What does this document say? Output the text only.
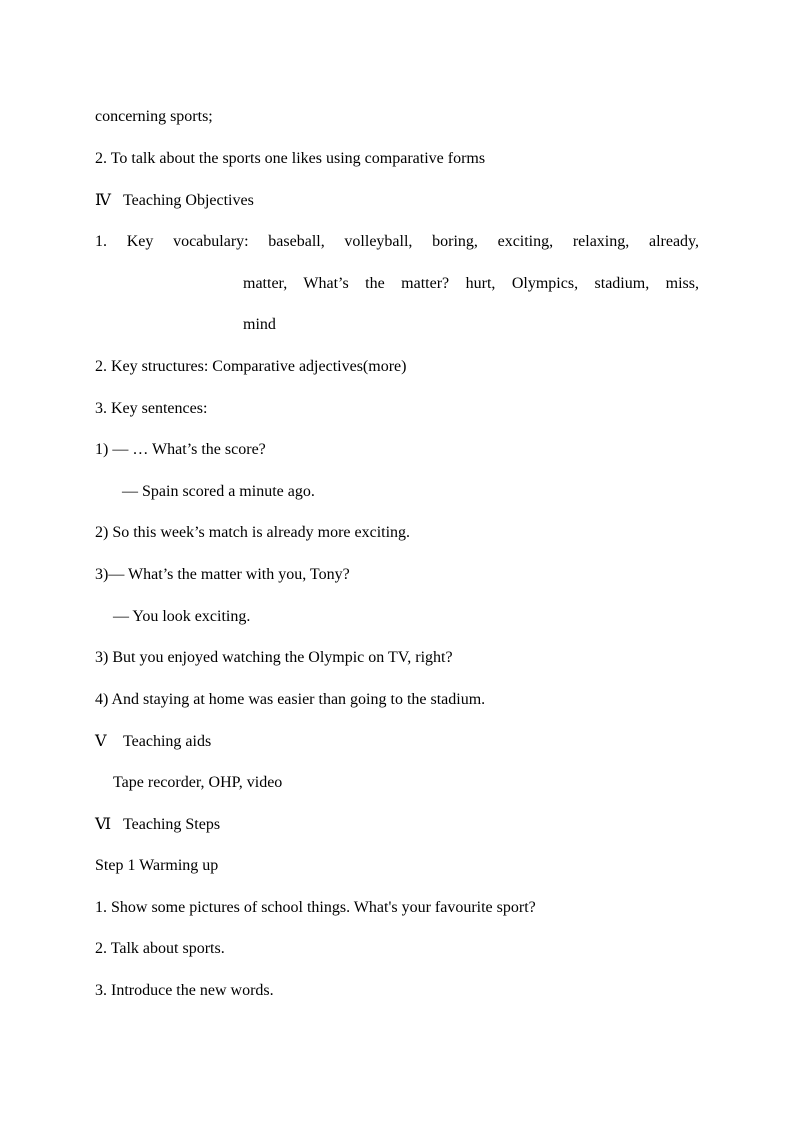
concerning sports;
2. To talk about the sports one likes using comparative forms
Ⅳ Teaching Objectives
1. Key vocabulary: baseball, volleyball, boring, exciting, relaxing, already,
matter, What’s the matter? hurt, Olympics, stadium, miss,
mind
2. Key structures: Comparative adjectives(more)
3. Key sentences:
1) — … What’s the score?
— Spain scored a minute ago.
2) So this week’s match is already more exciting.
3)— What’s the matter with you, Tony?
— You look exciting.
3) But you enjoyed watching the Olympic on TV, right?
4) And staying at home was easier than going to the stadium.
Ⅴ Teaching aids
Tape recorder, OHP, video
Ⅵ Teaching Steps
Step 1 Warming up
1. Show some pictures of school things. What's your favourite sport?
2. Talk about sports.
3. Introduce the new words.
